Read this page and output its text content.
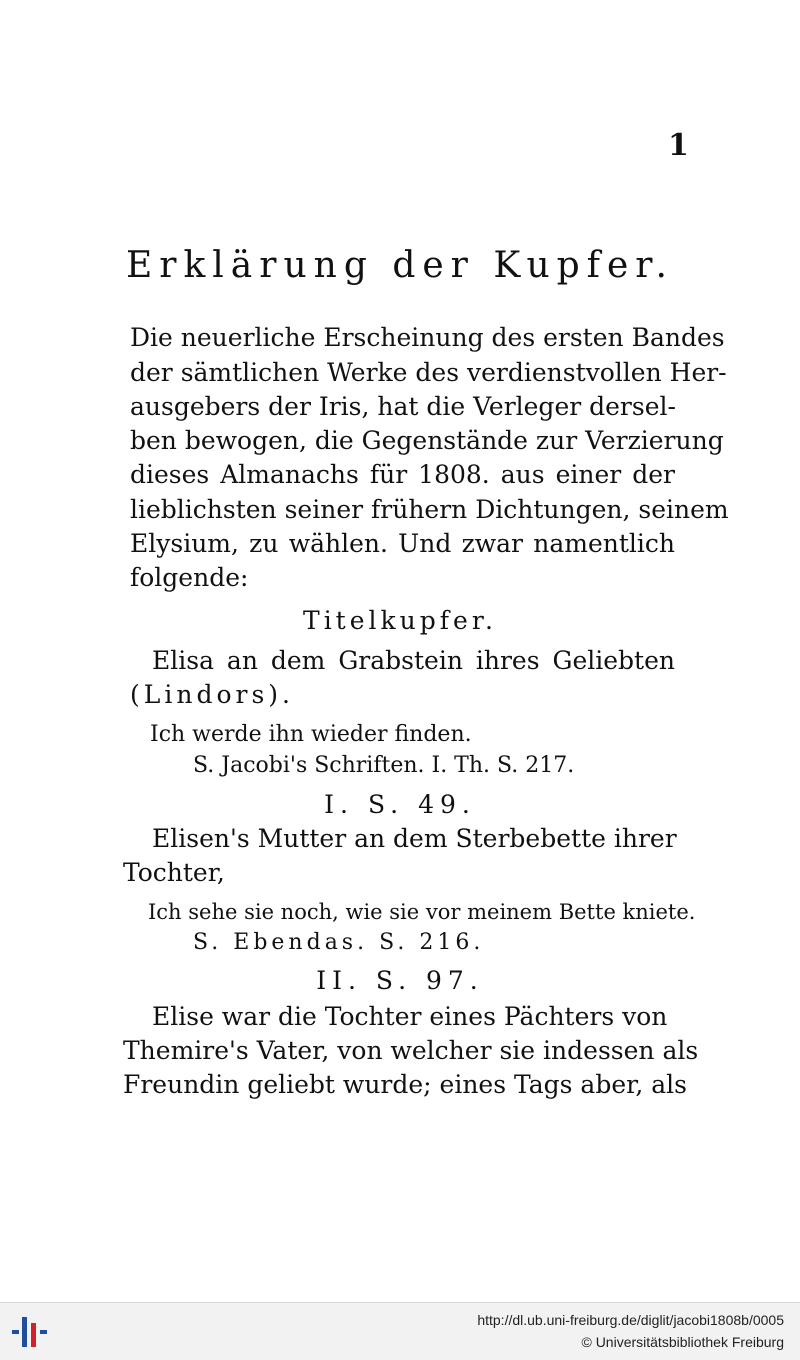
1
Erklärung der Kupfer.
Die neuerliche Erscheinung des ersten Bandes
der sämtlichen Werke des verdienstvollen Her-
ausgebers der Iris, hat die Verleger dersel-
ben bewogen, die Gegenstände zur Verzierung
dieses Almanachs für 1808. aus einer der
lieblichsten seiner frühern Dichtungen, seinem
Elysium, zu wählen. Und zwar namentlich
folgende:
Titelkupfer.
Elisa an dem Grabstein ihres Geliebten
(Lindors).
Ich werde ihn wieder finden.
S. Jacobi's Schriften. I. Th. S. 217.
I. S. 49.
Elisen's Mutter an dem Sterbebette ihrer
Tochter,
Ich sehe sie noch, wie sie vor meinem Bette kniete.
S. Ebendas. S. 216.
II. S. 97.
Elise war die Tochter eines Pächters von
Themire's Vater, von welcher sie indessen als
Freundin geliebt wurde; eines Tags aber, als
http://dl.ub.uni-freiburg.de/diglit/jacobi1808b/0005
© Universitätsbibliothek Freiburg
